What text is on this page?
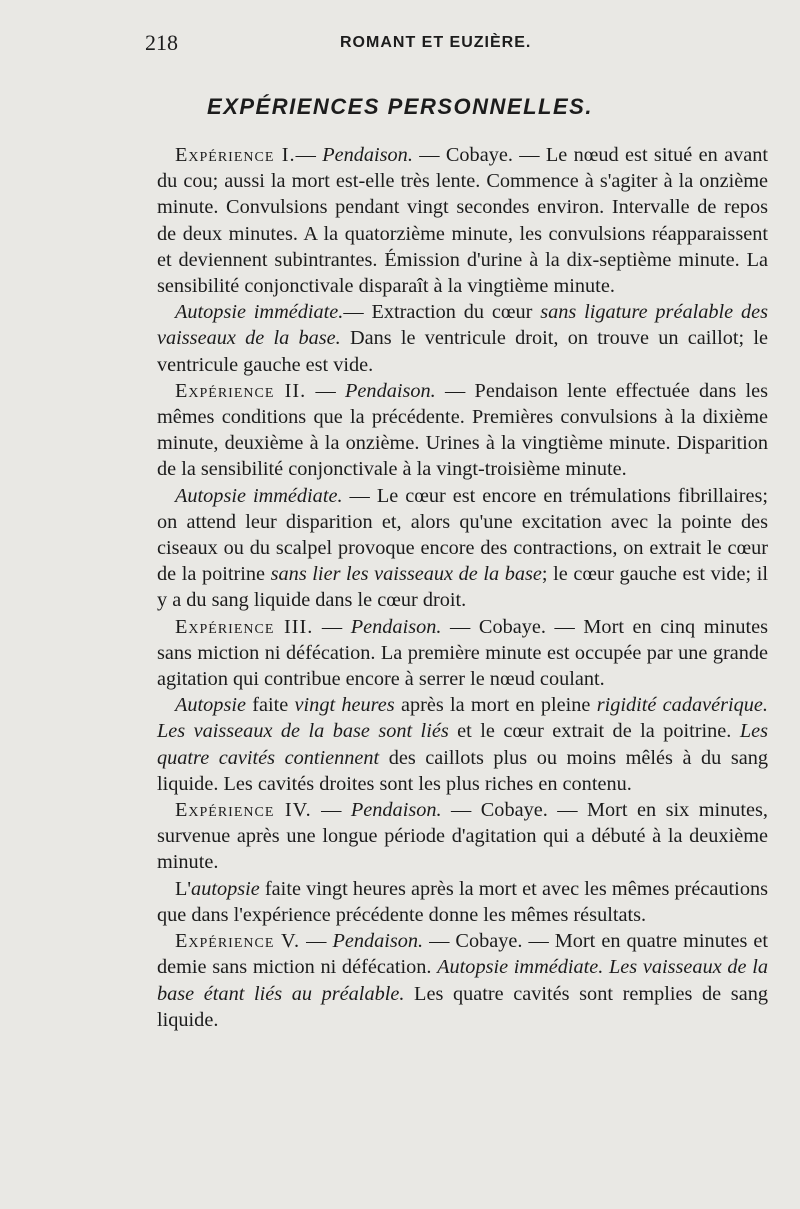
218	ROMANT ET EUZIÈRE.
EXPÉRIENCES PERSONNELLES.

Expérience I.— Pendaison. — Cobaye. — Le nœud est situé en avant du cou; aussi la mort est-elle très lente. Commence à s'agiter à la onzième minute. Convulsions pendant vingt secondes environ. Intervalle de repos de deux minutes. A la quatorzième minute, les convulsions réapparaissent et deviennent subintrantes. Émission d'urine à la dix-septième minute. La sensibilité conjonctivale disparaît à la vingtième minute.

Autopsie immédiate.— Extraction du cœur sans ligature préalable des vaisseaux de la base. Dans le ventricule droit, on trouve un caillot; le ventricule gauche est vide.

Expérience II. — Pendaison. — Pendaison lente effectuée dans les mêmes conditions que la précédente. Premières convulsions à la dixième minute, deuxième à la onzième. Urines à la vingtième minute. Disparition de la sensibilité conjonctivale à la vingt-troisième minute.

Autopsie immédiate. — Le cœur est encore en trémulations fibrillaires; on attend leur disparition et, alors qu'une excitation avec la pointe des ciseaux ou du scalpel provoque encore des contractions, on extrait le cœur de la poitrine sans lier les vaisseaux de la base; le cœur gauche est vide; il y a du sang liquide dans le cœur droit.

Expérience III. — Pendaison. — Cobaye. — Mort en cinq minutes sans miction ni défécation. La première minute est occupée par une grande agitation qui contribue encore à serrer le nœud coulant.

Autopsie faite vingt heures après la mort en pleine rigidité cadavérique. Les vaisseaux de la base sont liés et le cœur extrait de la poitrine. Les quatre cavités contiennent des caillots plus ou moins mêlés à du sang liquide. Les cavités droites sont les plus riches en contenu.

Expérience IV. — Pendaison. — Cobaye. — Mort en six minutes, survenue après une longue période d'agitation qui a débuté à la deuxième minute.

L'autopsie faite vingt heures après la mort et avec les mêmes précautions que dans l'expérience précédente donne les mêmes résultats.

Expérience V. — Pendaison. — Cobaye. — Mort en quatre minutes et demie sans miction ni défécation. Autopsie immédiate. Les vaisseaux de la base étant liés au préalable. Les quatre cavités sont remplies de sang liquide.
